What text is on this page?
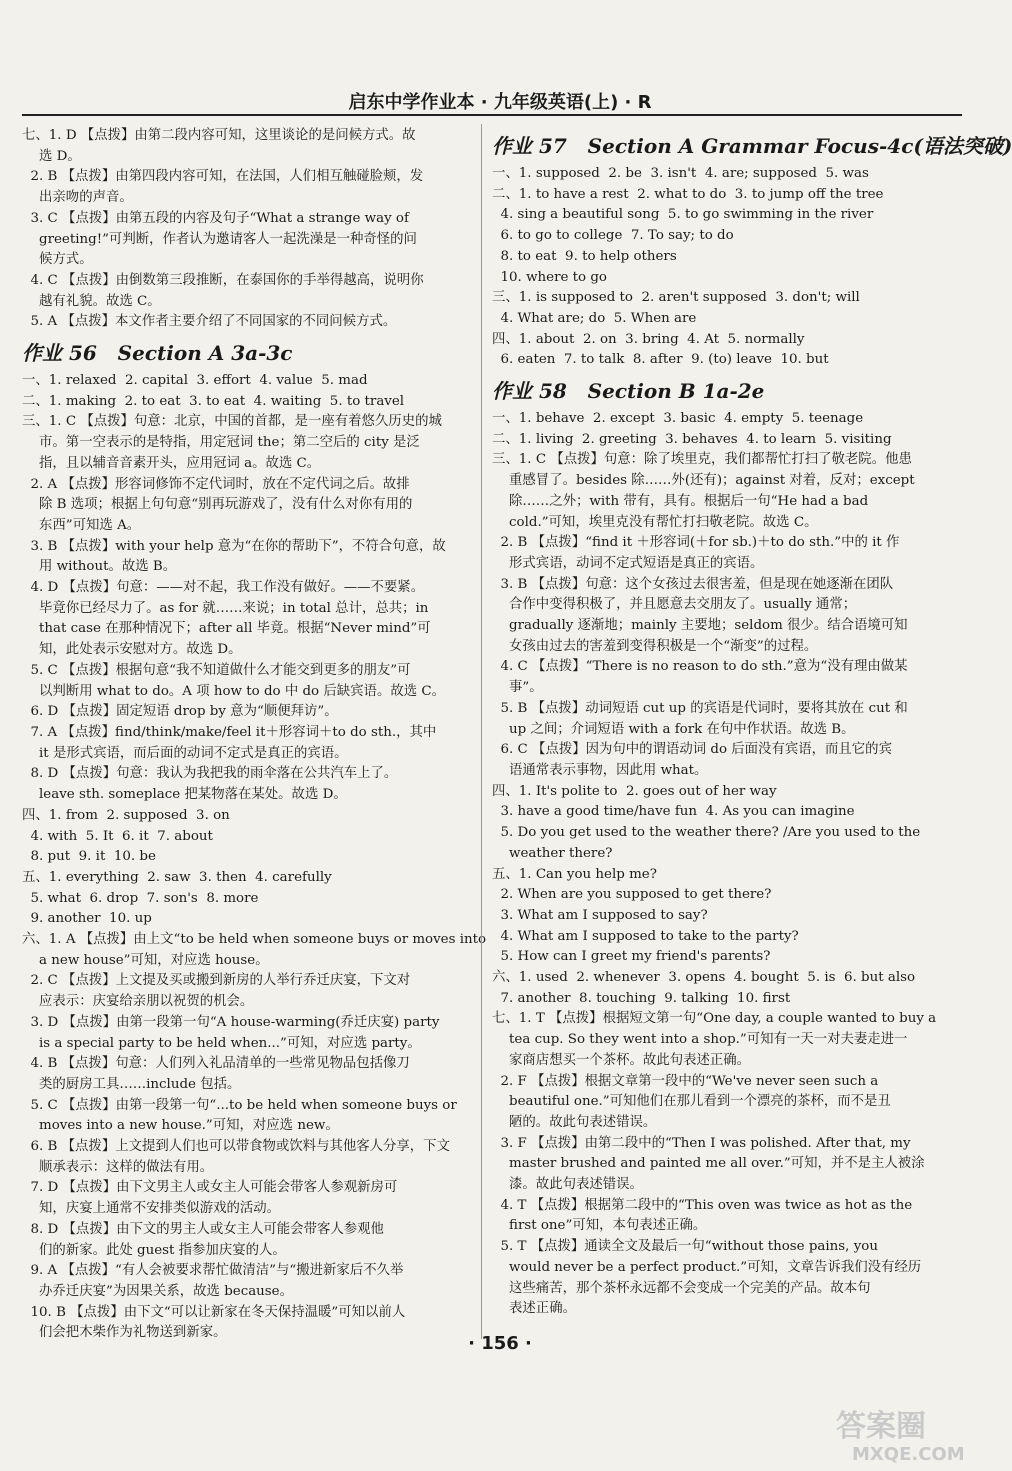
启东中学作业本 · 九年级英语(上) · R
七、1. D 【点拨】由第二段内容可知，这里谈论的是问候方式。故
选 D。
2. B 【点拨】由第四段内容可知，在法国，人们相互触碰脸颊，发
出亲吻的声音。
3. C 【点拨】由第五段的内容及句子“What a strange way of
greeting!”可判断，作者认为邀请客人一起洗澡是一种奇怪的问
候方式。
4. C 【点拨】由倒数第三段推断，在泰国你的手举得越高，说明你
越有礼貌。故选 C。
5. A 【点拨】本文作者主要介绍了不同国家的不同问候方式。
作业 56   Section A 3a-3c
一、1. relaxed  2. capital  3. effort  4. value  5. mad
二、1. making  2. to eat  3. to eat  4. waiting  5. to travel
三、1. C 【点拨】句意：北京，中国的首都，是一座有着悠久历史的城
市。第一空表示的是特指，用定冠词 the；第二空后的 city 是泛
指，且以辅音音素开头，应用冠词 a。故选 C。
2. A 【点拨】形容词修饰不定代词时，放在不定代词之后。故排
除 B 选项；根据上句句意“别再玩游戏了，没有什么对你有用的
东西”可知选 A。
3. B 【点拨】with your help 意为“在你的帮助下”，不符合句意，故
用 without。故选 B。
4. D 【点拨】句意：——对不起，我工作没有做好。——不要紧。
毕竟你已经尽力了。as for 就……来说；in total 总计，总共；in
that case 在那种情况下；after all 毕竟。根据“Never mind”可
知，此处表示安慰对方。故选 D。
5. C 【点拨】根据句意“我不知道做什么才能交到更多的朋友”可
以判断用 what to do。A 项 how to do 中 do 后缺宾语。故选 C。
6. D 【点拨】固定短语 drop by 意为“顺便拜访”。
7. A 【点拨】find/think/make/feel it＋形容词＋to do sth.，其中
it 是形式宾语，而后面的动词不定式是真正的宾语。
8. D 【点拨】句意：我认为我把我的雨伞落在公共汽车上了。
leave sth. someplace 把某物落在某处。故选 D。
四、1. from  2. supposed  3. on
4. with  5. It  6. it  7. about
8. put  9. it  10. be
五、1. everything  2. saw  3. then  4. carefully
5. what  6. drop  7. son's  8. more
9. another  10. up
六、1. A 【点拨】由上文“to be held when someone buys or moves into
a new house”可知，对应选 house。
2. C 【点拨】上文提及买或搬到新房的人举行乔迁庆宴，下文对
应表示：庆宴给亲朋以祝贺的机会。
3. D 【点拨】由第一段第一句“A house-warming(乔迁庆宴) party
is a special party to be held when...”可知，对应选 party。
4. B 【点拨】句意：人们列入礼品清单的一些常见物品包括像刀
类的厨房工具……include 包括。
5. C 【点拨】由第一段第一句“...to be held when someone buys or
moves into a new house.”可知，对应选 new。
6. B 【点拨】上文提到人们也可以带食物或饮料与其他客人分享，下文
顺承表示：这样的做法有用。
7. D 【点拨】由下文男主人或女主人可能会带客人参观新房可
知，庆宴上通常不安排类似游戏的活动。
8. D 【点拨】由下文的男主人或女主人可能会带客人参观他
们的新家。此处 guest 指参加庆宴的人。
9. A 【点拨】“有人会被要求帮忙做清洁”与“搬进新家后不久举
办乔迁庆宴”为因果关系，故选 because。
10. B 【点拨】由下文“可以让新家在冬天保持温暖”可知以前人
们会把木柴作为礼物送到新家。
作业 57   Section A Grammar Focus-4c(语法突破)
一、1. supposed  2. be  3. isn't  4. are; supposed  5. was
二、1. to have a rest  2. what to do  3. to jump off the tree
4. sing a beautiful song  5. to go swimming in the river
6. to go to college  7. To say; to do
8. to eat  9. to help others
10. where to go
三、1. is supposed to  2. aren't supposed  3. don't; will
4. What are; do  5. When are
四、1. about  2. on  3. bring  4. At  5. normally
6. eaten  7. to talk  8. after  9. (to) leave  10. but
作业 58   Section B 1a-2e
一、1. behave  2. except  3. basic  4. empty  5. teenage
二、1. living  2. greeting  3. behaves  4. to learn  5. visiting
三、1. C 【点拨】句意：除了埃里克，我们都帮忙打扫了敬老院。他患
重感冒了。besides 除……外(还有)；against 对着，反对；except
除……之外；with 带有，具有。根据后一句“He had a bad
cold.”可知，埃里克没有帮忙打扫敬老院。故选 C。
2. B 【点拨】“find it ＋形容词(＋for sb.)＋to do sth.”中的 it 作
形式宾语，动词不定式短语是真正的宾语。
3. B 【点拨】句意：这个女孩过去很害羞，但是现在她逐渐在团队
合作中变得积极了，并且愿意去交朋友了。usually 通常；
gradually 逐渐地；mainly 主要地；seldom 很少。结合语境可知
女孩由过去的害羞到变得积极是一个“渐变”的过程。
4. C 【点拨】“There is no reason to do sth.”意为“没有理由做某
事”。
5. B 【点拨】动词短语 cut up 的宾语是代词时，要将其放在 cut 和
up 之间；介词短语 with a fork 在句中作状语。故选 B。
6. C 【点拨】因为句中的谓语动词 do 后面没有宾语，而且它的宾
语通常表示事物，因此用 what。
四、1. It's polite to  2. goes out of her way
3. have a good time/have fun  4. As you can imagine
5. Do you get used to the weather there? /Are you used to the
weather there?
五、1. Can you help me?
2. When are you supposed to get there?
3. What am I supposed to say?
4. What am I supposed to take to the party?
5. How can I greet my friend's parents?
六、1. used  2. whenever  3. opens  4. bought  5. is  6. but also
7. another  8. touching  9. talking  10. first
七、1. T 【点拨】根据短文第一句“One day, a couple wanted to buy a
tea cup. So they went into a shop.”可知有一天一对夫妻走进一
家商店想买一个茶杯。故此句表述正确。
2. F 【点拨】根据文章第一段中的“We've never seen such a
beautiful one.”可知他们在那儿看到一个漂亮的茶杯，而不是丑
陋的。故此句表述错误。
3. F 【点拨】由第二段中的“Then I was polished. After that, my
master brushed and painted me all over.”可知，并不是主人被涂
漆。故此句表述错误。
4. T 【点拨】根据第二段中的“This oven was twice as hot as the
first one”可知，本句表述正确。
5. T 【点拨】通读全文及最后一句“without those pains, you
would never be a perfect product.”可知，文章告诉我们没有经历
这些痛苦，那个茶杯永远都不会变成一个完美的产品。故本句
表述正确。
· 156 ·
答案圈
MXQE.COM
